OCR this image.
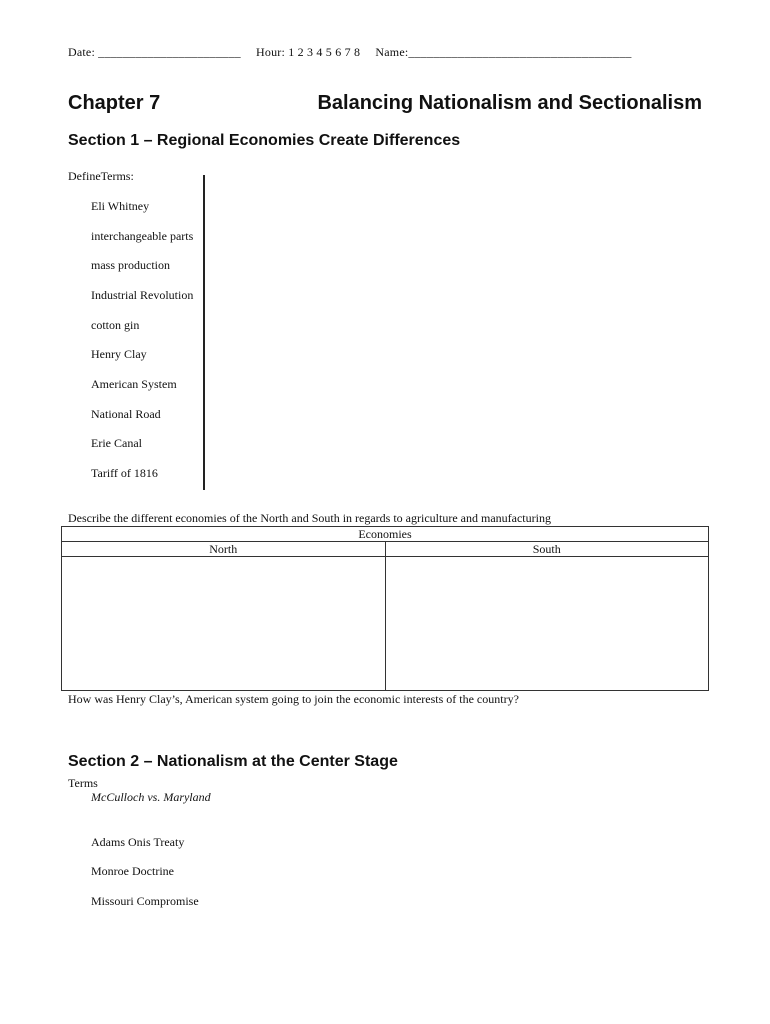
Date: _______________________ Hour: 1 2 3 4 5 6 7 8 Name:____________________________________
Chapter 7	Balancing Nationalism and Sectionalism
Section 1 – Regional Economies Create Differences
DefineTerms:
Eli Whitney
interchangeable parts
mass production
Industrial Revolution
cotton gin
Henry Clay
American System
National Road
Erie Canal
Tariff of 1816
Describe the different economies of the North and South in regards to agriculture and manufacturing
Economies	
North	South

How was Henry Clay’s, American system going to join the economic interests of the country?
Section 2 – Nationalism at the Center Stage
Terms
McCulloch vs. Maryland
Adams Onis Treaty
Monroe Doctrine
Missouri Compromise
